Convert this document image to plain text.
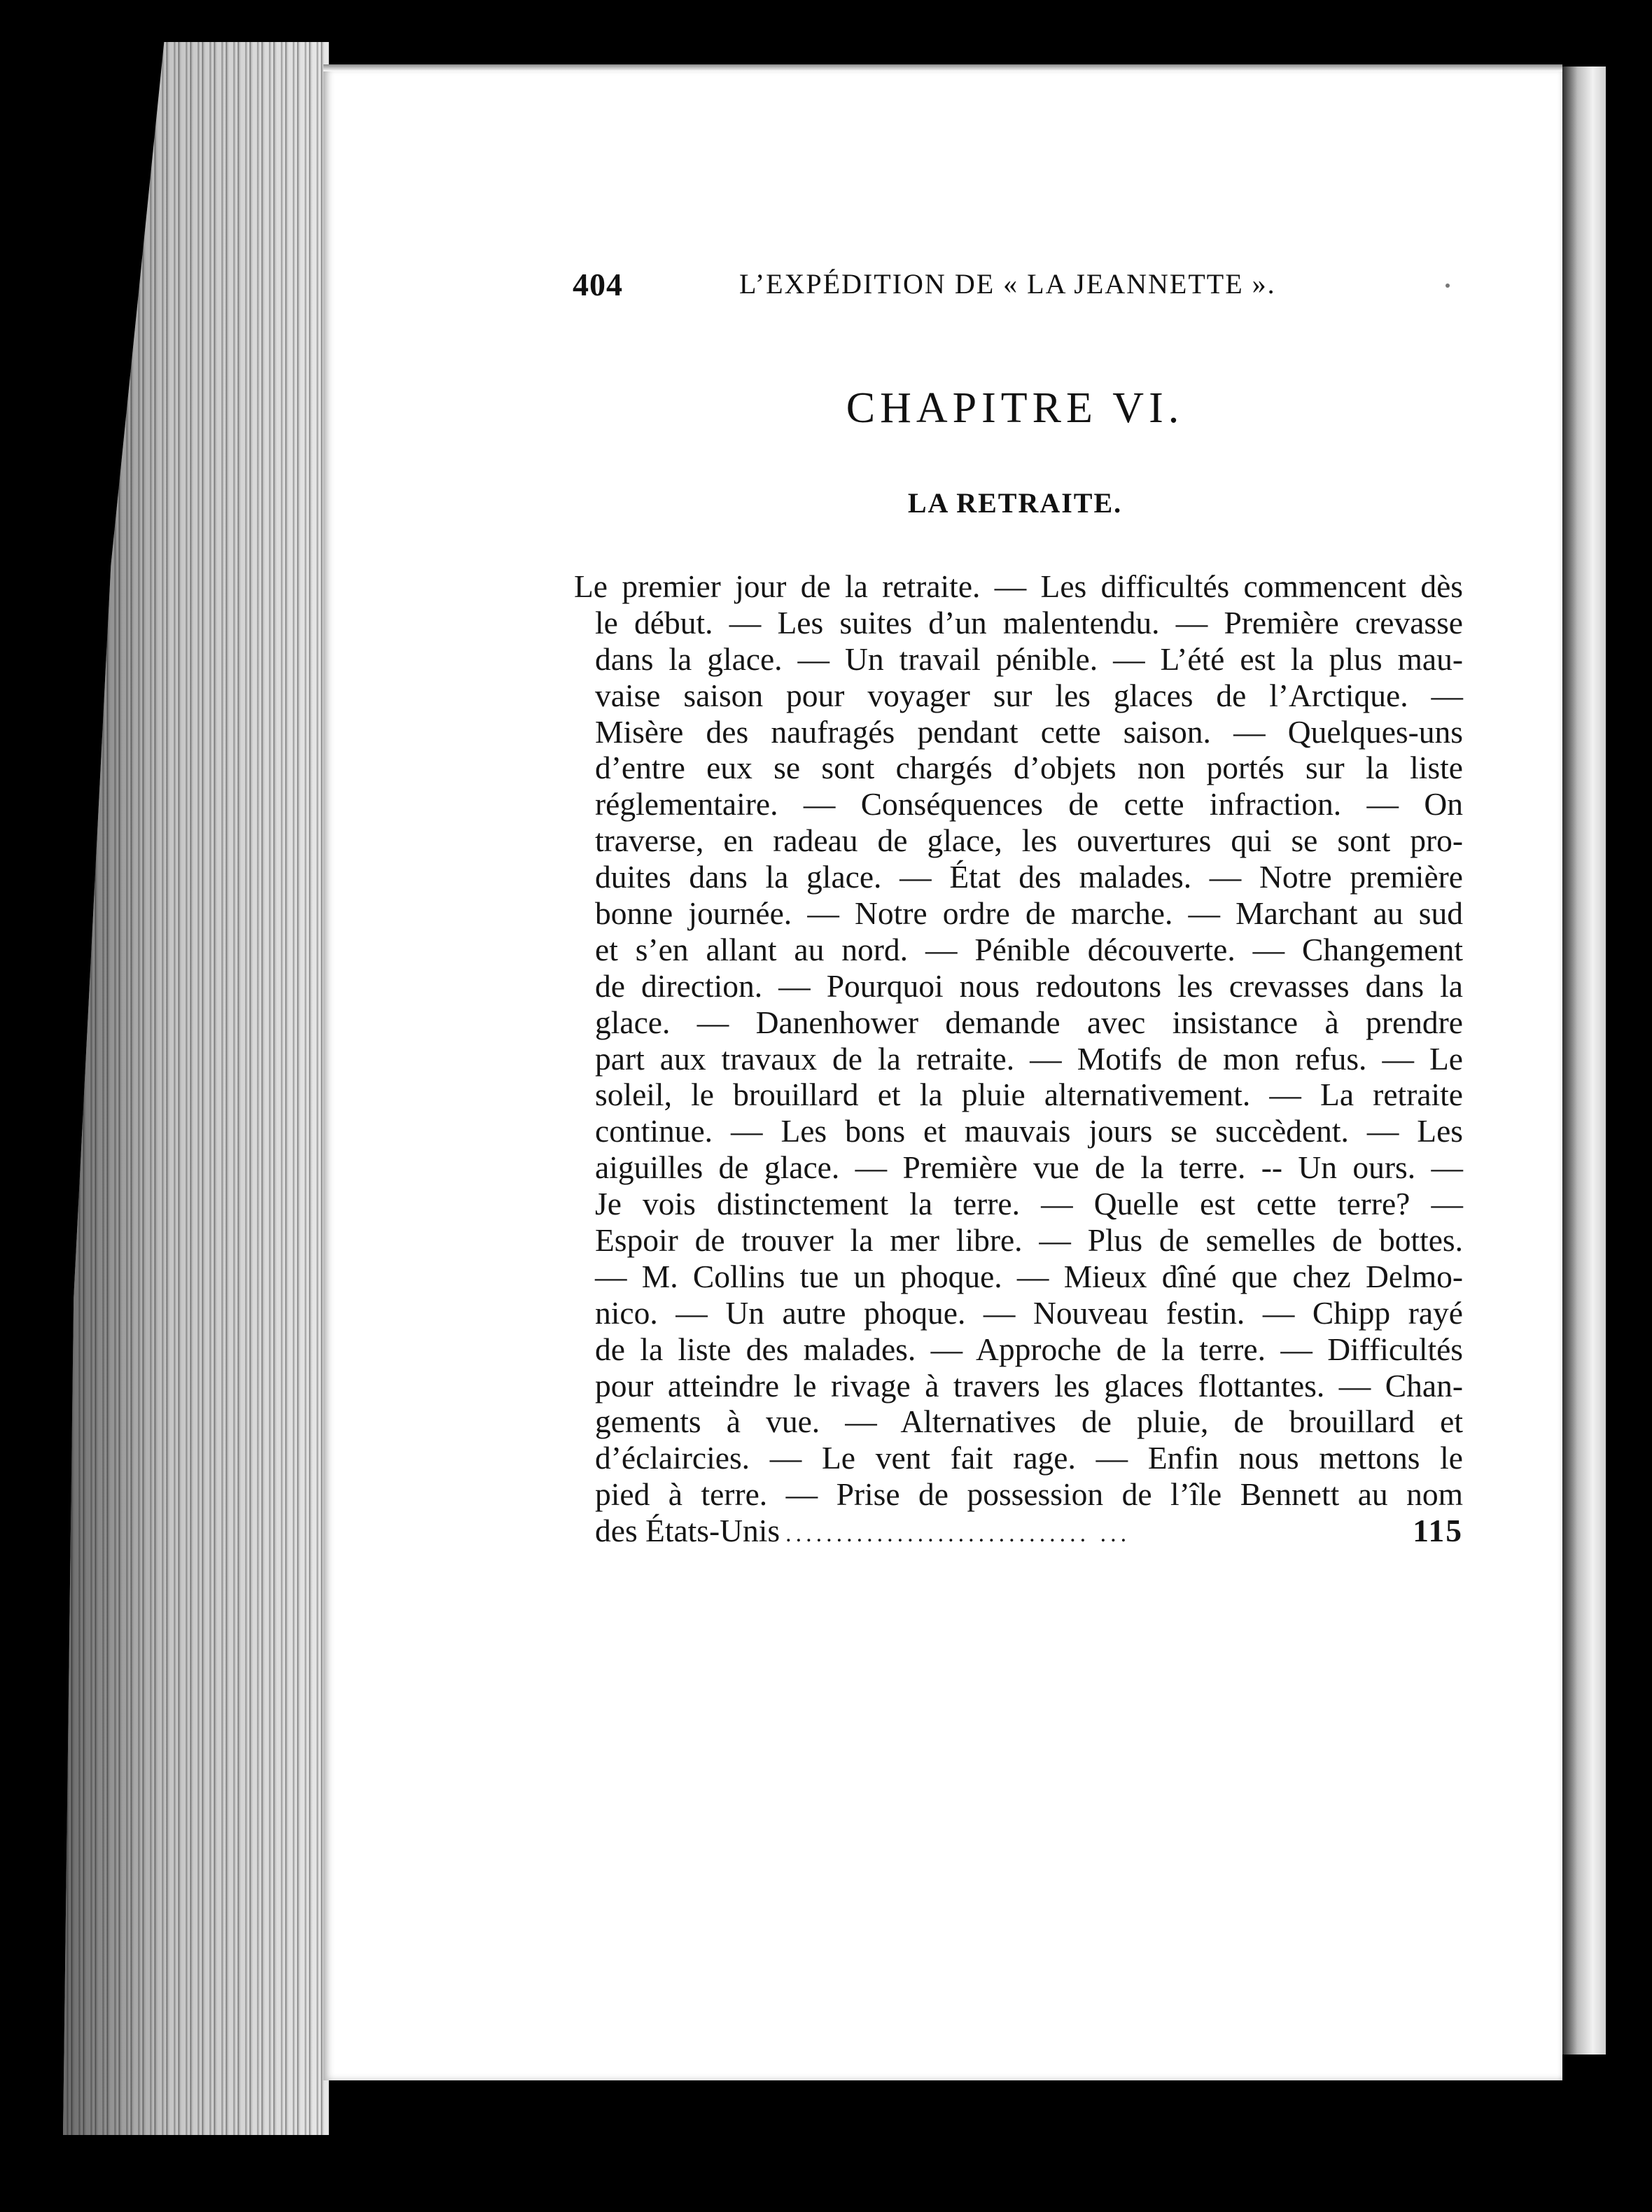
404	L’EXPÉDITION DE « LA JEANNETTE ».
CHAPITRE VI.
LA RETRAITE.
Le premier jour de la retraite. — Les difficultés commencent dès
le début. — Les suites d’un malentendu. — Première crevasse
dans la glace. — Un travail pénible. — L’été est la plus mau-
vaise saison pour voyager sur les glaces de l’Arctique. —
Misère des naufragés pendant cette saison. — Quelques-uns
d’entre eux se sont chargés d’objets non portés sur la liste
réglementaire. — Conséquences de cette infraction. — On
traverse, en radeau de glace, les ouvertures qui se sont pro-
duites dans la glace. — État des malades. — Notre première
bonne journée. — Notre ordre de marche. — Marchant au sud
et s’en allant au nord. — Pénible découverte. — Changement
de direction. — Pourquoi nous redoutons les crevasses dans la
glace. — Danenhower demande avec insistance à prendre
part aux travaux de la retraite. — Motifs de mon refus. — Le
soleil, le brouillard et la pluie alternativement. — La retraite
continue. — Les bons et mauvais jours se succèdent. — Les
aiguilles de glace. — Première vue de la terre. -- Un ours. —
Je vois distinctement la terre. — Quelle est cette terre? —
Espoir de trouver la mer libre. — Plus de semelles de bottes.
— M. Collins tue un phoque. — Mieux dîné que chez Delmo-
nico. — Un autre phoque. — Nouveau festin. — Chipp rayé
de la liste des malades. — Approche de la terre. — Difficultés
pour atteindre le rivage à travers les glaces flottantes. — Chan-
gements à vue. — Alternatives de pluie, de brouillard et
d’éclaircies. — Le vent fait rage. — Enfin nous mettons le
pied à terre. — Prise de possession de l’île Bennett au nom
des États-Unis .............................. ...	115
